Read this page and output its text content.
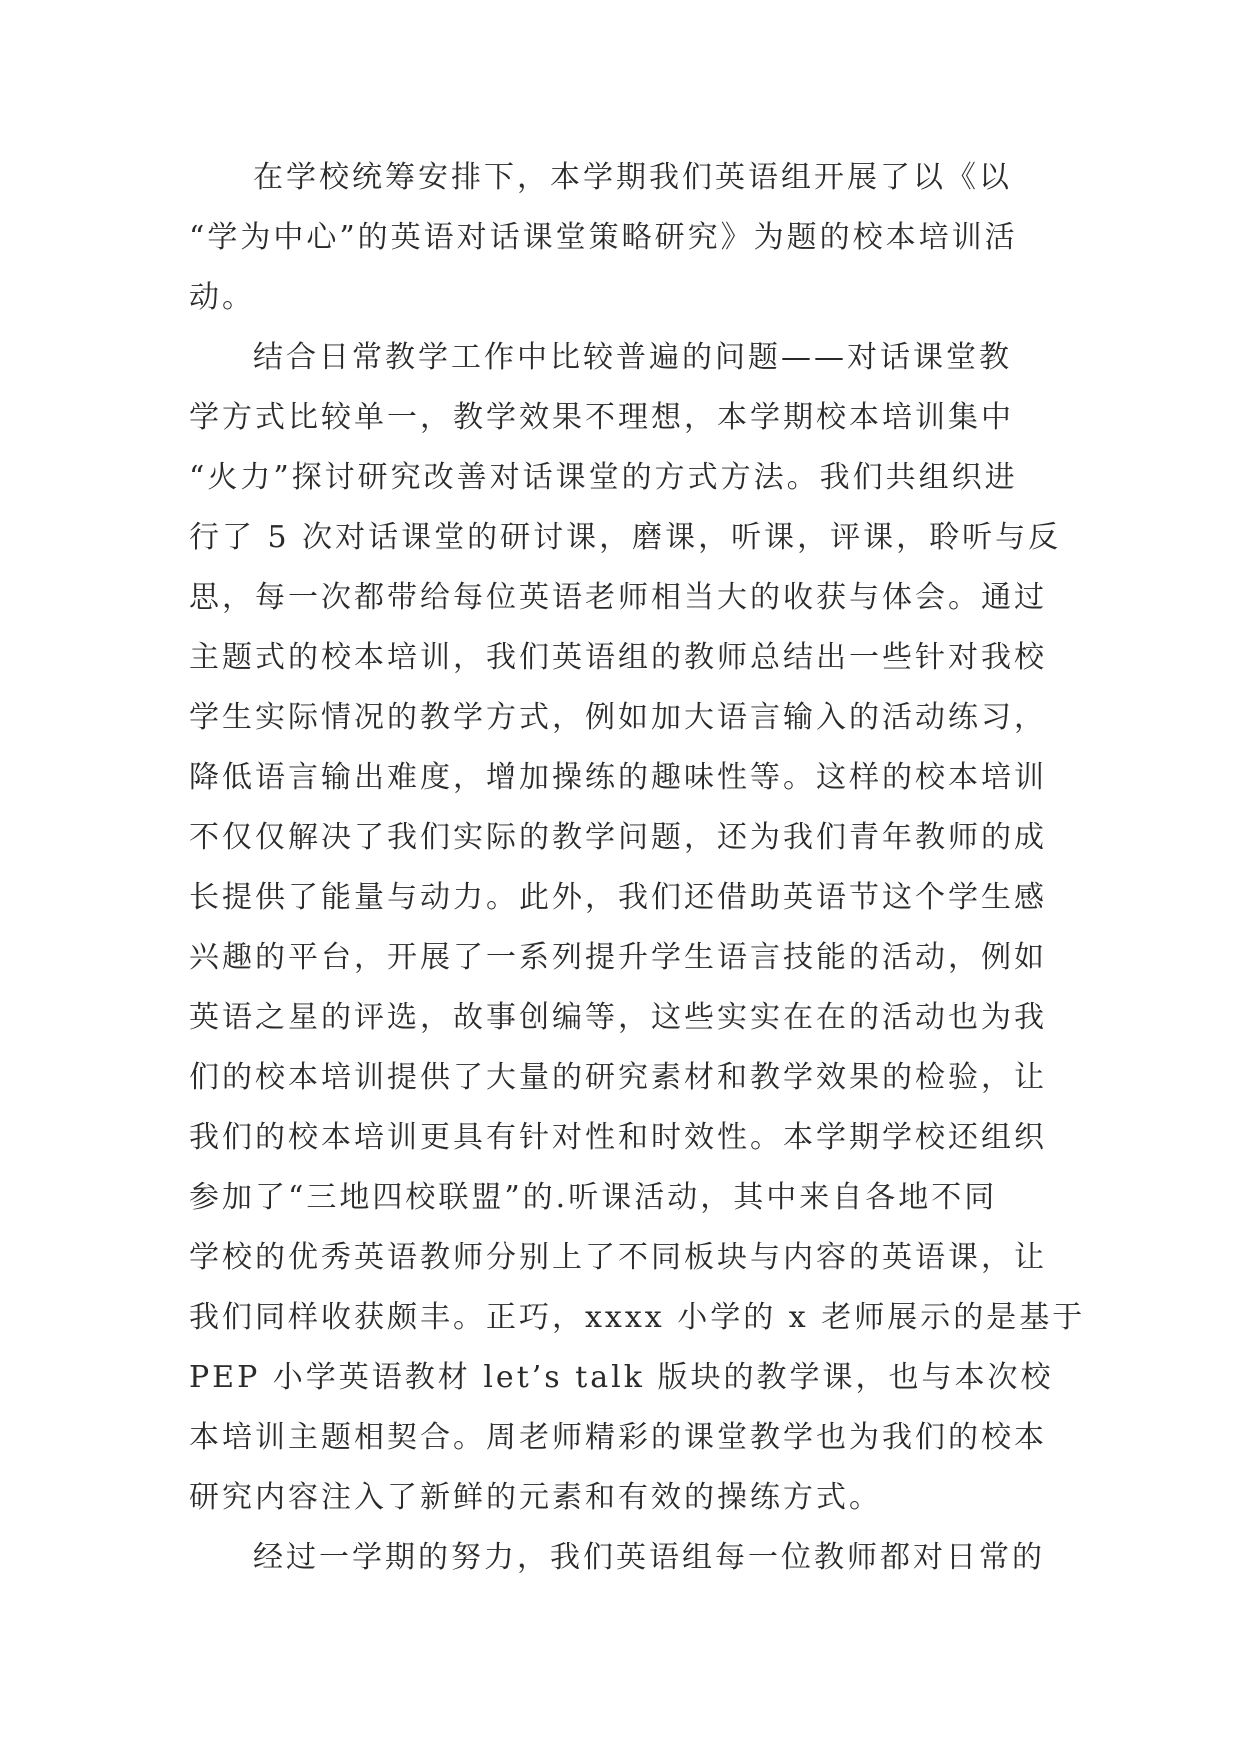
在学校统筹安排下，本学期我们英语组开展了以《以
“学为中心”的英语对话课堂策略研究》为题的校本培训活
动。
结合日常教学工作中比较普遍的问题——对话课堂教
学方式比较单一，教学效果不理想，本学期校本培训集中
“火力”探讨研究改善对话课堂的方式方法。我们共组织进
行了 5 次对话课堂的研讨课，磨课，听课，评课，聆听与反
思，每一次都带给每位英语老师相当大的收获与体会。通过
主题式的校本培训，我们英语组的教师总结出一些针对我校
学生实际情况的教学方式，例如加大语言输入的活动练习，
降低语言输出难度，增加操练的趣味性等。这样的校本培训
不仅仅解决了我们实际的教学问题，还为我们青年教师的成
长提供了能量与动力。此外，我们还借助英语节这个学生感
兴趣的平台，开展了一系列提升学生语言技能的活动，例如
英语之星的评选，故事创编等，这些实实在在的活动也为我
们的校本培训提供了大量的研究素材和教学效果的检验，让
我们的校本培训更具有针对性和时效性。本学期学校还组织
参加了“三地四校联盟”的.听课活动，其中来自各地不同
学校的优秀英语教师分别上了不同板块与内容的英语课，让
我们同样收获颇丰。正巧，xxxx 小学的 x 老师展示的是基于
PEP 小学英语教材 let’s talk 版块的教学课，也与本次校
本培训主题相契合。周老师精彩的课堂教学也为我们的校本
研究内容注入了新鲜的元素和有效的操练方式。
经过一学期的努力，我们英语组每一位教师都对日常的
